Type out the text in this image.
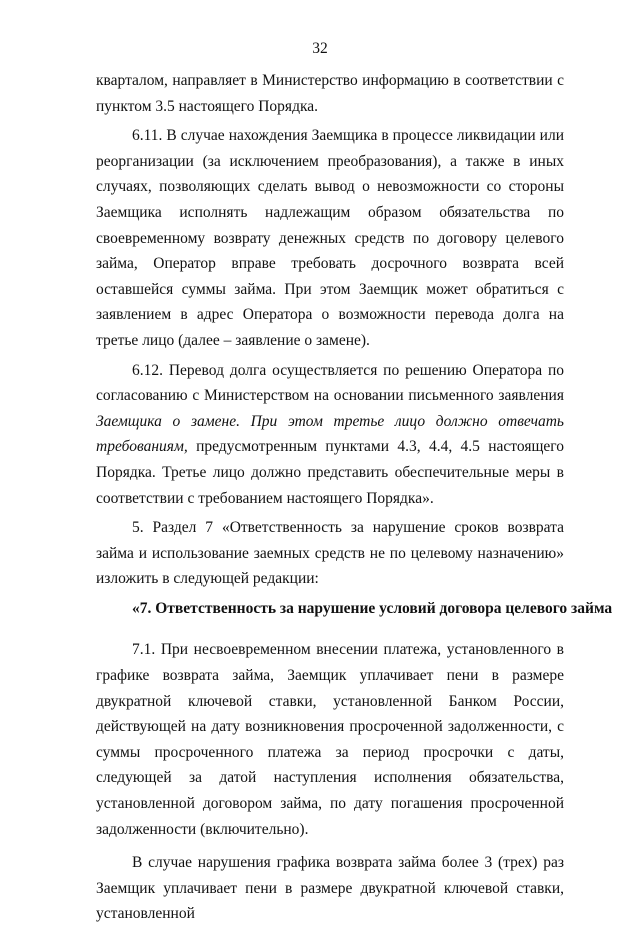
32

кварталом, направляет в Министерство информацию в соответствии с пунктом 3.5 настоящего Порядка.

6.11. В случае нахождения Заемщика в процессе ликвидации или реорганизации (за исключением преобразования), а также в иных случаях, позволяющих сделать вывод о невозможности со стороны Заемщика исполнять надлежащим образом обязательства по своевременному возврату денежных средств по договору целевого займа, Оператор вправе требовать досрочного возврата всей оставшейся суммы займа. При этом Заемщик может обратиться с заявлением в адрес Оператора о возможности перевода долга на третье лицо (далее – заявление о замене).

6.12. Перевод долга осуществляется по решению Оператора по согласованию с Министерством на основании письменного заявления Заемщика о замене. При этом третье лицо должно отвечать требованиям, предусмотренным пунктами 4.3, 4.4, 4.5 настоящего Порядка. Третье лицо должно представить обеспечительные меры в соответствии с требованием настоящего Порядка».

5. Раздел 7 «Ответственность за нарушение сроков возврата займа и использование заемных средств не по целевому назначению» изложить в следующей редакции:

«7. Ответственность за нарушение условий договора целевого займа

7.1. При несвоевременном внесении платежа, установленного в графике возврата займа, Заемщик уплачивает пени в размере двукратной ключевой ставки, установленной Банком России, действующей на дату возникновения просроченной задолженности, с суммы просроченного платежа за период просрочки с даты, следующей за датой наступления исполнения обязательства, установленной договором займа, по дату погашения просроченной задолженности (включительно).

В случае нарушения графика возврата займа более 3 (трех) раз Заемщик уплачивает пени в размере двукратной ключевой ставки, установленной
